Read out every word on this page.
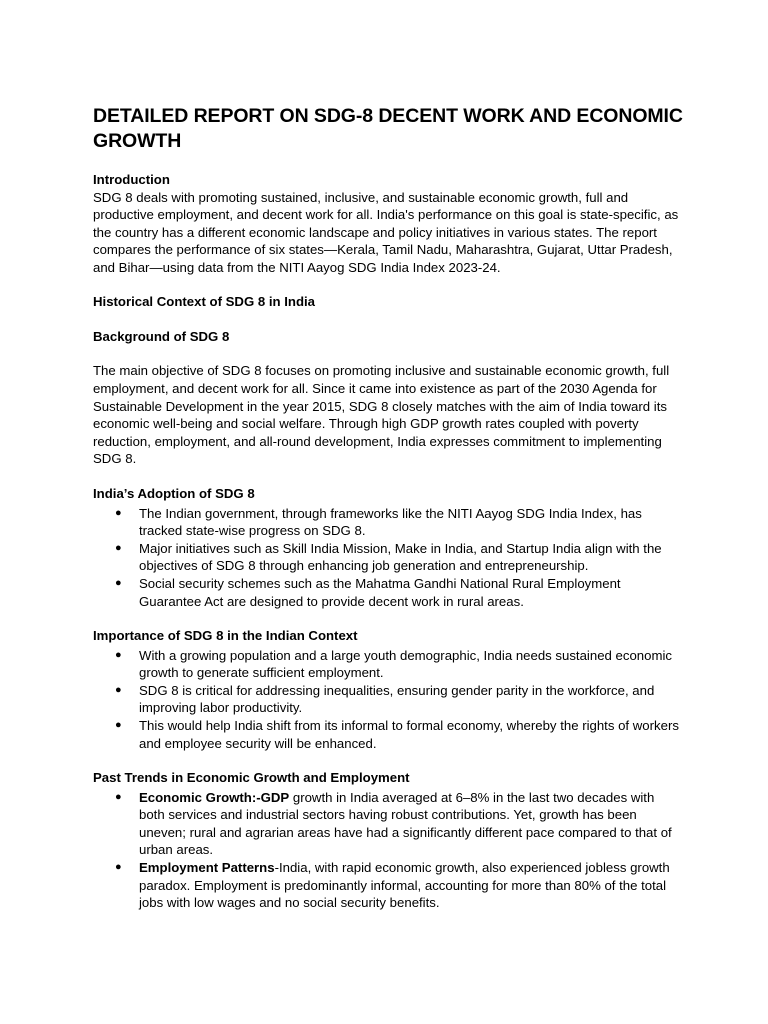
DETAILED REPORT ON SDG-8 DECENT WORK AND ECONOMIC GROWTH
Introduction

SDG 8 deals with promoting sustained, inclusive, and sustainable economic growth, full and productive employment, and decent work for all. India's performance on this goal is state-specific, as the country has a different economic landscape and policy initiatives in various states. The report compares the performance of six states—Kerala, Tamil Nadu, Maharashtra, Gujarat, Uttar Pradesh, and Bihar—using data from the NITI Aayog SDG India Index 2023-24.

Historical Context of SDG 8 in India
Background of SDG 8

The main objective of SDG 8 focuses on promoting inclusive and sustainable economic growth, full employment, and decent work for all. Since it came into existence as part of the 2030 Agenda for Sustainable Development in the year 2015, SDG 8 closely matches with the aim of India toward its economic well-being and social welfare. Through high GDP growth rates coupled with poverty reduction, employment, and all-round development, India expresses commitment to implementing SDG 8.

India’s Adoption of SDG 8
● The Indian government, through frameworks like the NITI Aayog SDG India Index, has tracked state-wise progress on SDG 8.
● Major initiatives such as Skill India Mission, Make in India, and Startup India align with the objectives of SDG 8 through enhancing job generation and entrepreneurship.
● Social security schemes such as the Mahatma Gandhi National Rural Employment Guarantee Act are designed to provide decent work in rural areas.
Importance of SDG 8 in the Indian Context
● With a growing population and a large youth demographic, India needs sustained economic growth to generate sufficient employment.
● SDG 8 is critical for addressing inequalities, ensuring gender parity in the workforce, and improving labor productivity.
● This would help India shift from its informal to formal economy, whereby the rights of workers and employee security will be enhanced.
Past Trends in Economic Growth and Employment
● Economic Growth:-GDP growth in India averaged at 6–8% in the last two decades with both services and industrial sectors having robust contributions. Yet, growth has been uneven; rural and agrarian areas have had a significantly different pace compared to that of urban areas.
● Employment Patterns-India, with rapid economic growth, also experienced jobless growth paradox. Employment is predominantly informal, accounting for more than 80% of the total jobs with low wages and no social security benefits.
